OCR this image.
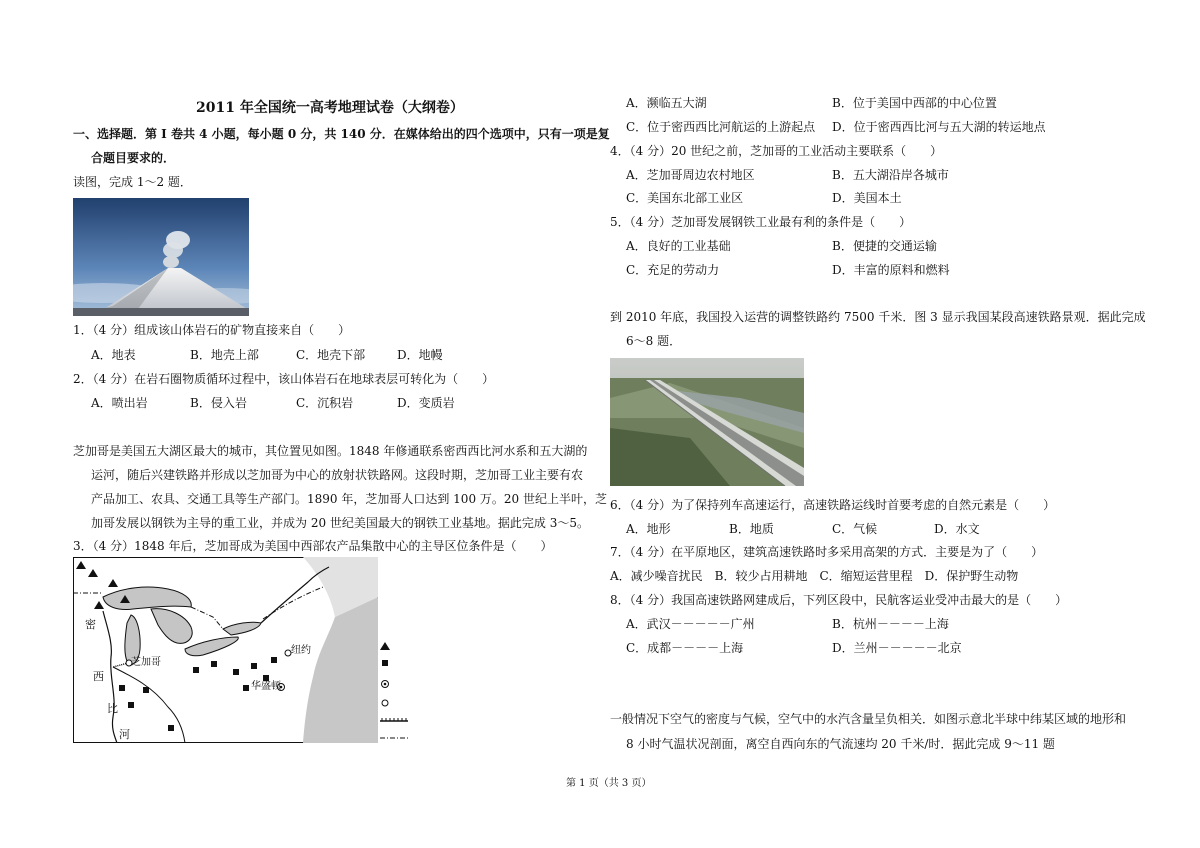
2011 年全国统一高考地理试卷（大纲卷）
一、选择题．第 I 卷共 4 小题，每小题 0 分，共 140 分．在媒体给出的四个选项中，只有一项是复
合题目要求的．
读图，完成 1～2 题．
1．（4 分）组成该山体岩石的矿物直接来自（　　）
A．地表	B．地壳上部	C．地壳下部	D．地幔
2．（4 分）在岩石圈物质循环过程中，该山体岩石在地球表层可转化为（　　）
A．喷出岩	B．侵入岩	C．沉积岩	D．变质岩
芝加哥是美国五大湖区最大的城市，其位置见如图。1848 年修通联系密西西比河水系和五大湖的
运河，随后兴建铁路并形成以芝加哥为中心的放射状铁路网。这段时期，芝加哥工业主要有农
产品加工、农具、交通工具等生产部门。1890 年，芝加哥人口达到 100 万。20 世纪上半叶，芝
加哥发展以钢铁为主导的重工业，并成为 20 世纪美国最大的钢铁工业基地。据此完成 3～5。
3．（4 分）1848 年后，芝加哥成为美国中西部农产品集散中心的主导区位条件是（　　）
密
西
比
河
芝加哥
纽约
华盛顿
A．濒临五大湖	B．位于美国中西部的中心位置
C．位于密西西比河航运的上游起点 D．位于密西西比河与五大湖的转运地点
4．（4 分）20 世纪之前，芝加哥的工业活动主要联系（　　）
A．芝加哥周边农村地区	B．五大湖沿岸各城市
C．美国东北部工业区	D．美国本土
5．（4 分）芝加哥发展钢铁工业最有利的条件是（　　）
A．良好的工业基础	B．便捷的交通运输
C．充足的劳动力	D．丰富的原料和燃料
到 2010 年底，我国投入运营的调整铁路约 7500 千米．图 3 显示我国某段高速铁路景观．据此完成
6～8 题．
6．（4 分）为了保持列车高速运行，高速铁路运线时首要考虑的自然元素是（　　）
A．地形	B．地质	C．气候	D．水文
7．（4 分）在平原地区，建筑高速铁路时多采用高架的方式．主要是为了（　　）
A．减少噪音扰民　B．较少占用耕地　C．缩短运营里程　D．保护野生动物
8．（4 分）我国高速铁路网建成后，下列区段中，民航客运业受冲击最大的是（　　）
A．武汉－－－－－广州	B．杭州－－－－上海
C．成都－－－－上海	D．兰州－－－－－北京
一般情况下空气的密度与气候，空气中的水汽含量呈负相关．如图示意北半球中纬某区域的地形和
8 小时气温状况剖面，离空自西向东的气流速均 20 千米/时．据此完成 9～11 题
第 1 页（共 3 页）
